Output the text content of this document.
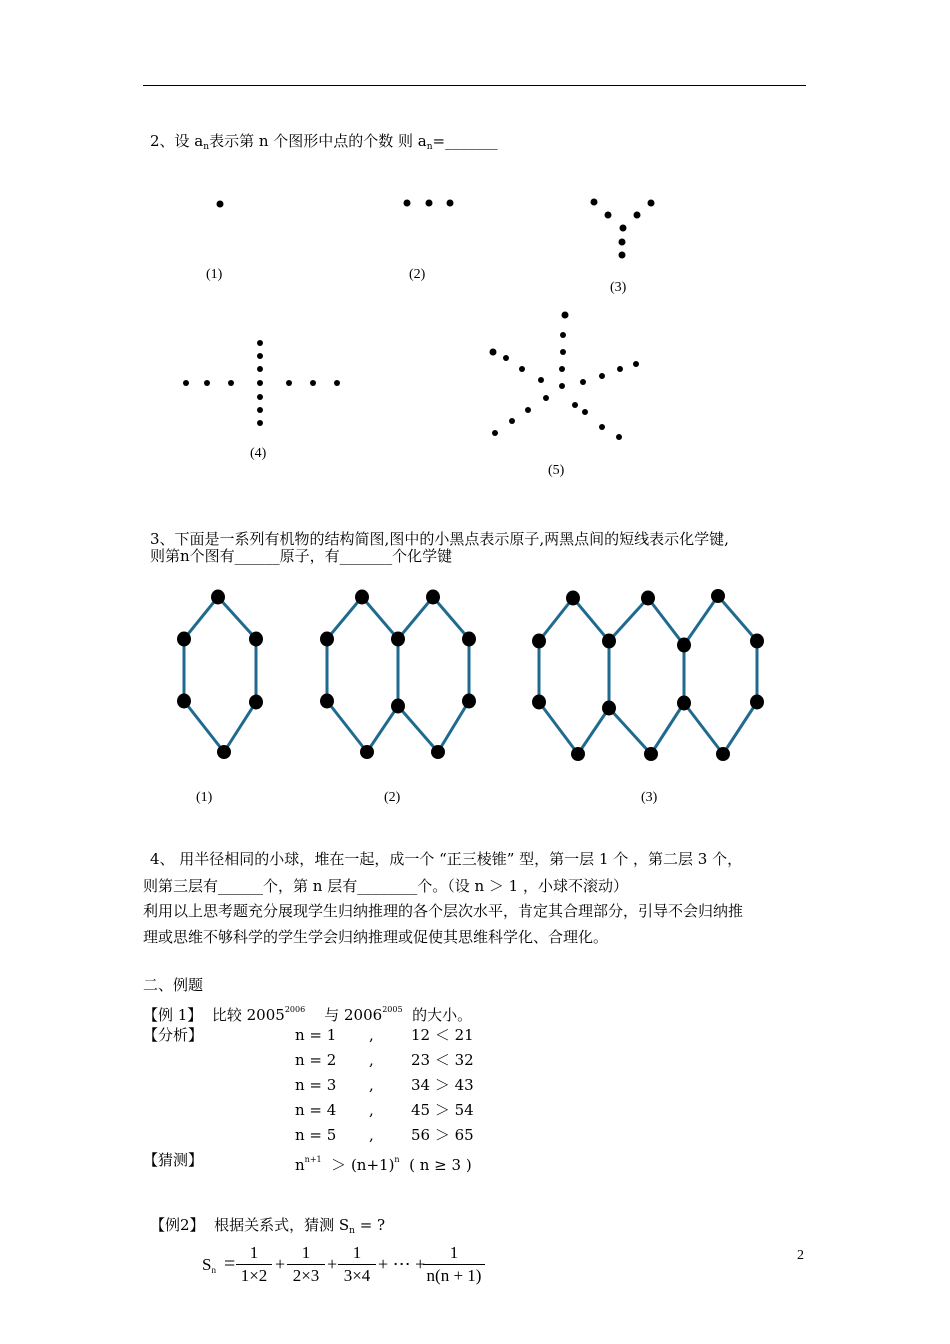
2、设 $a_n$表示第 n 个图形中点的个数 则 $a_n=\_\_\_\_\_\_\_$
(1)	(2)
(3)
(4)
(5)
3、下面是一系列有机物的结构简图,图中的小黑点表示原子,两黑点间的短线表示化学键,
则第n个图有______原子，有_______个化学键
(1)	(2)	(3)
4、 用半径相同的小球，堆在一起，成一个 “正三棱锥” 型，第一层 1 个 ，第二层 3 个，
则第三层有______个，第 n 层有________个。（设 n ＞ 1 ，小球不滚动）
利用以上思考题充分展现学生归纳推理的各个层次水平，肯定其合理部分，引导不会归纳推
理或思维不够科学的学生学会归纳推理或促使其思维科学化、合理化。
二、例题
【例 1】 比较 $2005^{2006}$ 与 $2006^{2005}$ 的大小。
【分析】	n = 1 , 12 ＜ 21
n = 2 , 23 ＜ 32
n = 3 , 34 ＞ 43
n = 4 , 45 ＞ 54
n = 5 , 56 ＞ 65
【猜测】	$n^{n+1} > (n+1)^n$ ( n ≥ 3 )
【例2】 根据关系式，猜测 $S_n$ = ?
$S_n = \frac{1}{1\times 2} + \frac{1}{2\times 3} + \frac{1}{3\times 4}$ + ⋯ +
$\frac{1}{n(n + 1)}$	2
